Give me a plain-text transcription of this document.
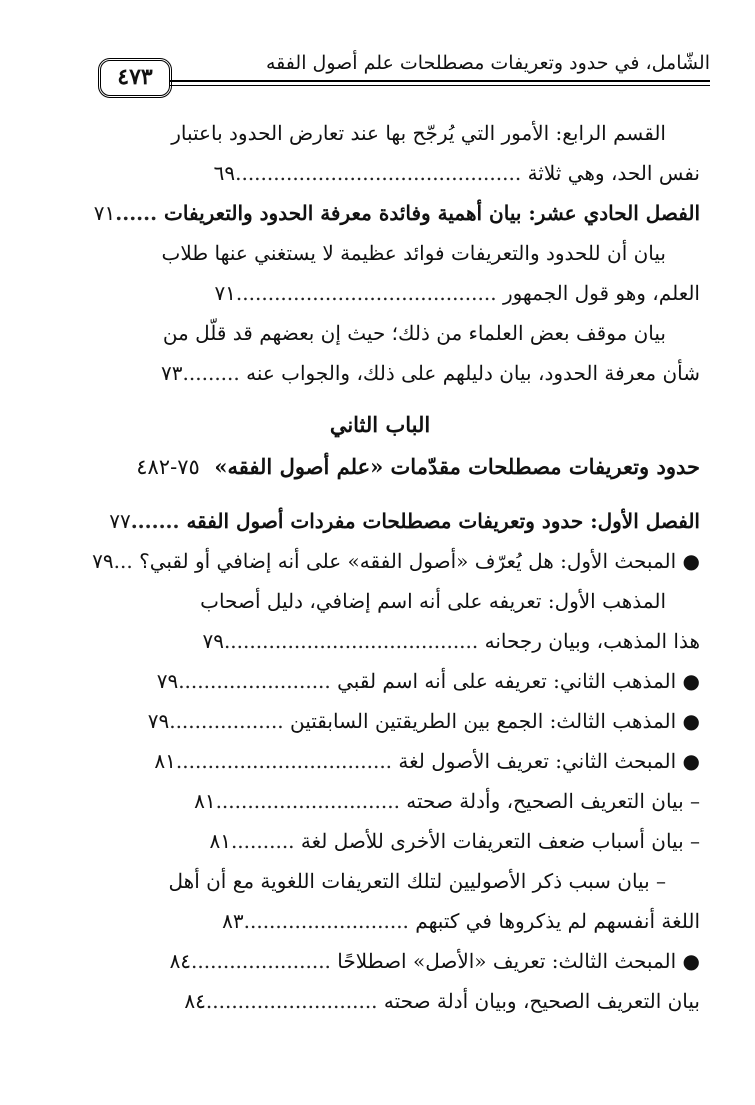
٤٧٣
الشّامل، في حدود وتعريفات مصطلحات علم أصول الفقه
القسم الرابع: الأمور التي يُرجّح بها عند تعارض الحدود باعتبار
نفس الحد، وهي ثلاثة .............................................٦٩
الفصل الحادي عشر: بيان أهمية وفائدة معرفة الحدود والتعريفات ......٧١
بيان أن للحدود والتعريفات فوائد عظيمة لا يستغني عنها طلاب
العلم، وهو قول الجمهور .........................................٧١
بيان موقف بعض العلماء من ذلك؛ حيث إن بعضهم قد قلّل من
شأن معرفة الحدود، بيان دليلهم على ذلك، والجواب عنه .........٧٣
الباب الثاني
حدود وتعريفات مصطلحات مقدّمات «علم أصول الفقه»  ٧٥-٤٨٢
الفصل الأول: حدود وتعريفات مصطلحات مفردات أصول الفقه .......٧٧
● المبحث الأول: هل يُعرّف «أصول الفقه» على أنه إضافي أو لقبي؟ ...٧٩
المذهب الأول: تعريفه على أنه اسم إضافي، دليل أصحاب
هذا المذهب، وبيان رجحانه ........................................٧٩
● المذهب الثاني: تعريفه على أنه اسم لقبي ........................٧٩
● المذهب الثالث: الجمع بين الطريقتين السابقتين ..................٧٩
● المبحث الثاني: تعريف الأصول لغة ..................................٨١
– بيان التعريف الصحيح، وأدلة صحته .............................٨١
– بيان أسباب ضعف التعريفات الأخرى للأصل لغة ..........٨١
– بيان سبب ذكر الأصوليين لتلك التعريفات اللغوية مع أن أهل
اللغة أنفسهم لم يذكروها في كتبهم ..........................٨٣
● المبحث الثالث: تعريف «الأصل» اصطلاحًا ......................٨٤
بيان التعريف الصحيح، وبيان أدلة صحته ...........................٨٤
